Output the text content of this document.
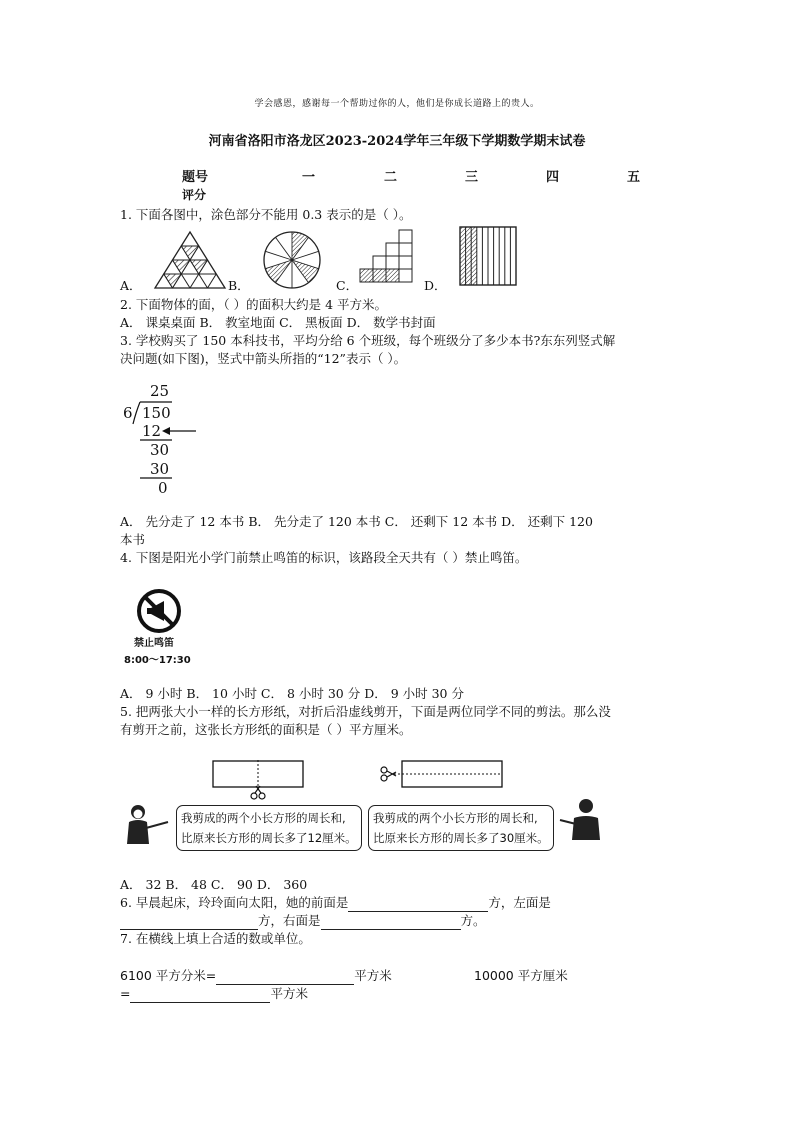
学会感恩，感谢每一个帮助过你的人，他们是你成长道路上的贵人。
河南省洛阳市洛龙区2023-2024学年三年级下学期数学期末试卷
题号	一	二	三	四	五
评分
1. 下面各图中，涂色部分不能用 0.3 表示的是（ ）。
A．	B．	C．	D．
2. 下面物体的面，（ ）的面积大约是 4 平方米。
A． 课桌桌面 B． 教室地面 C． 黑板面 D． 数学书封面
3. 学校购买了 150 本科技书，平均分给 6 个班级，每个班级分了多少本书?东东列竖式解
决问题(如下图)，竖式中箭头所指的“12”表示（ ）。
25
6 150
12
30
30
0
A． 先分走了 12 本书 B． 先分走了 120 本书 C． 还剩下 12 本书 D． 还剩下 120
本书
4. 下图是阳光小学门前禁止鸣笛的标识，该路段全天共有（ ）禁止鸣笛。
禁止鸣笛
8:00～17:30
A． 9 小时 B． 10 小时 C． 8 小时 30 分 D． 9 小时 30 分
5. 把两张大小一样的长方形纸，对折后沿虚线剪开，下面是两位同学不同的剪法。那么没
有剪开之前，这张长方形纸的面积是（ ）平方厘米。
我剪成的两个小长方形的周长和,
比原来长方形的周长多了12厘米。
我剪成的两个小长方形的周长和,
比原来长方形的周长多了30厘米。
A． 32 B． 48 C． 90 D． 360
6. 早晨起床，玲玲面向太阳，她的前面是	方，左面是
方，右面是	方。
7. 在横线上填上合适的数或单位。
6100 平方分米=	平方米	10000 平方厘米
=	平方米
